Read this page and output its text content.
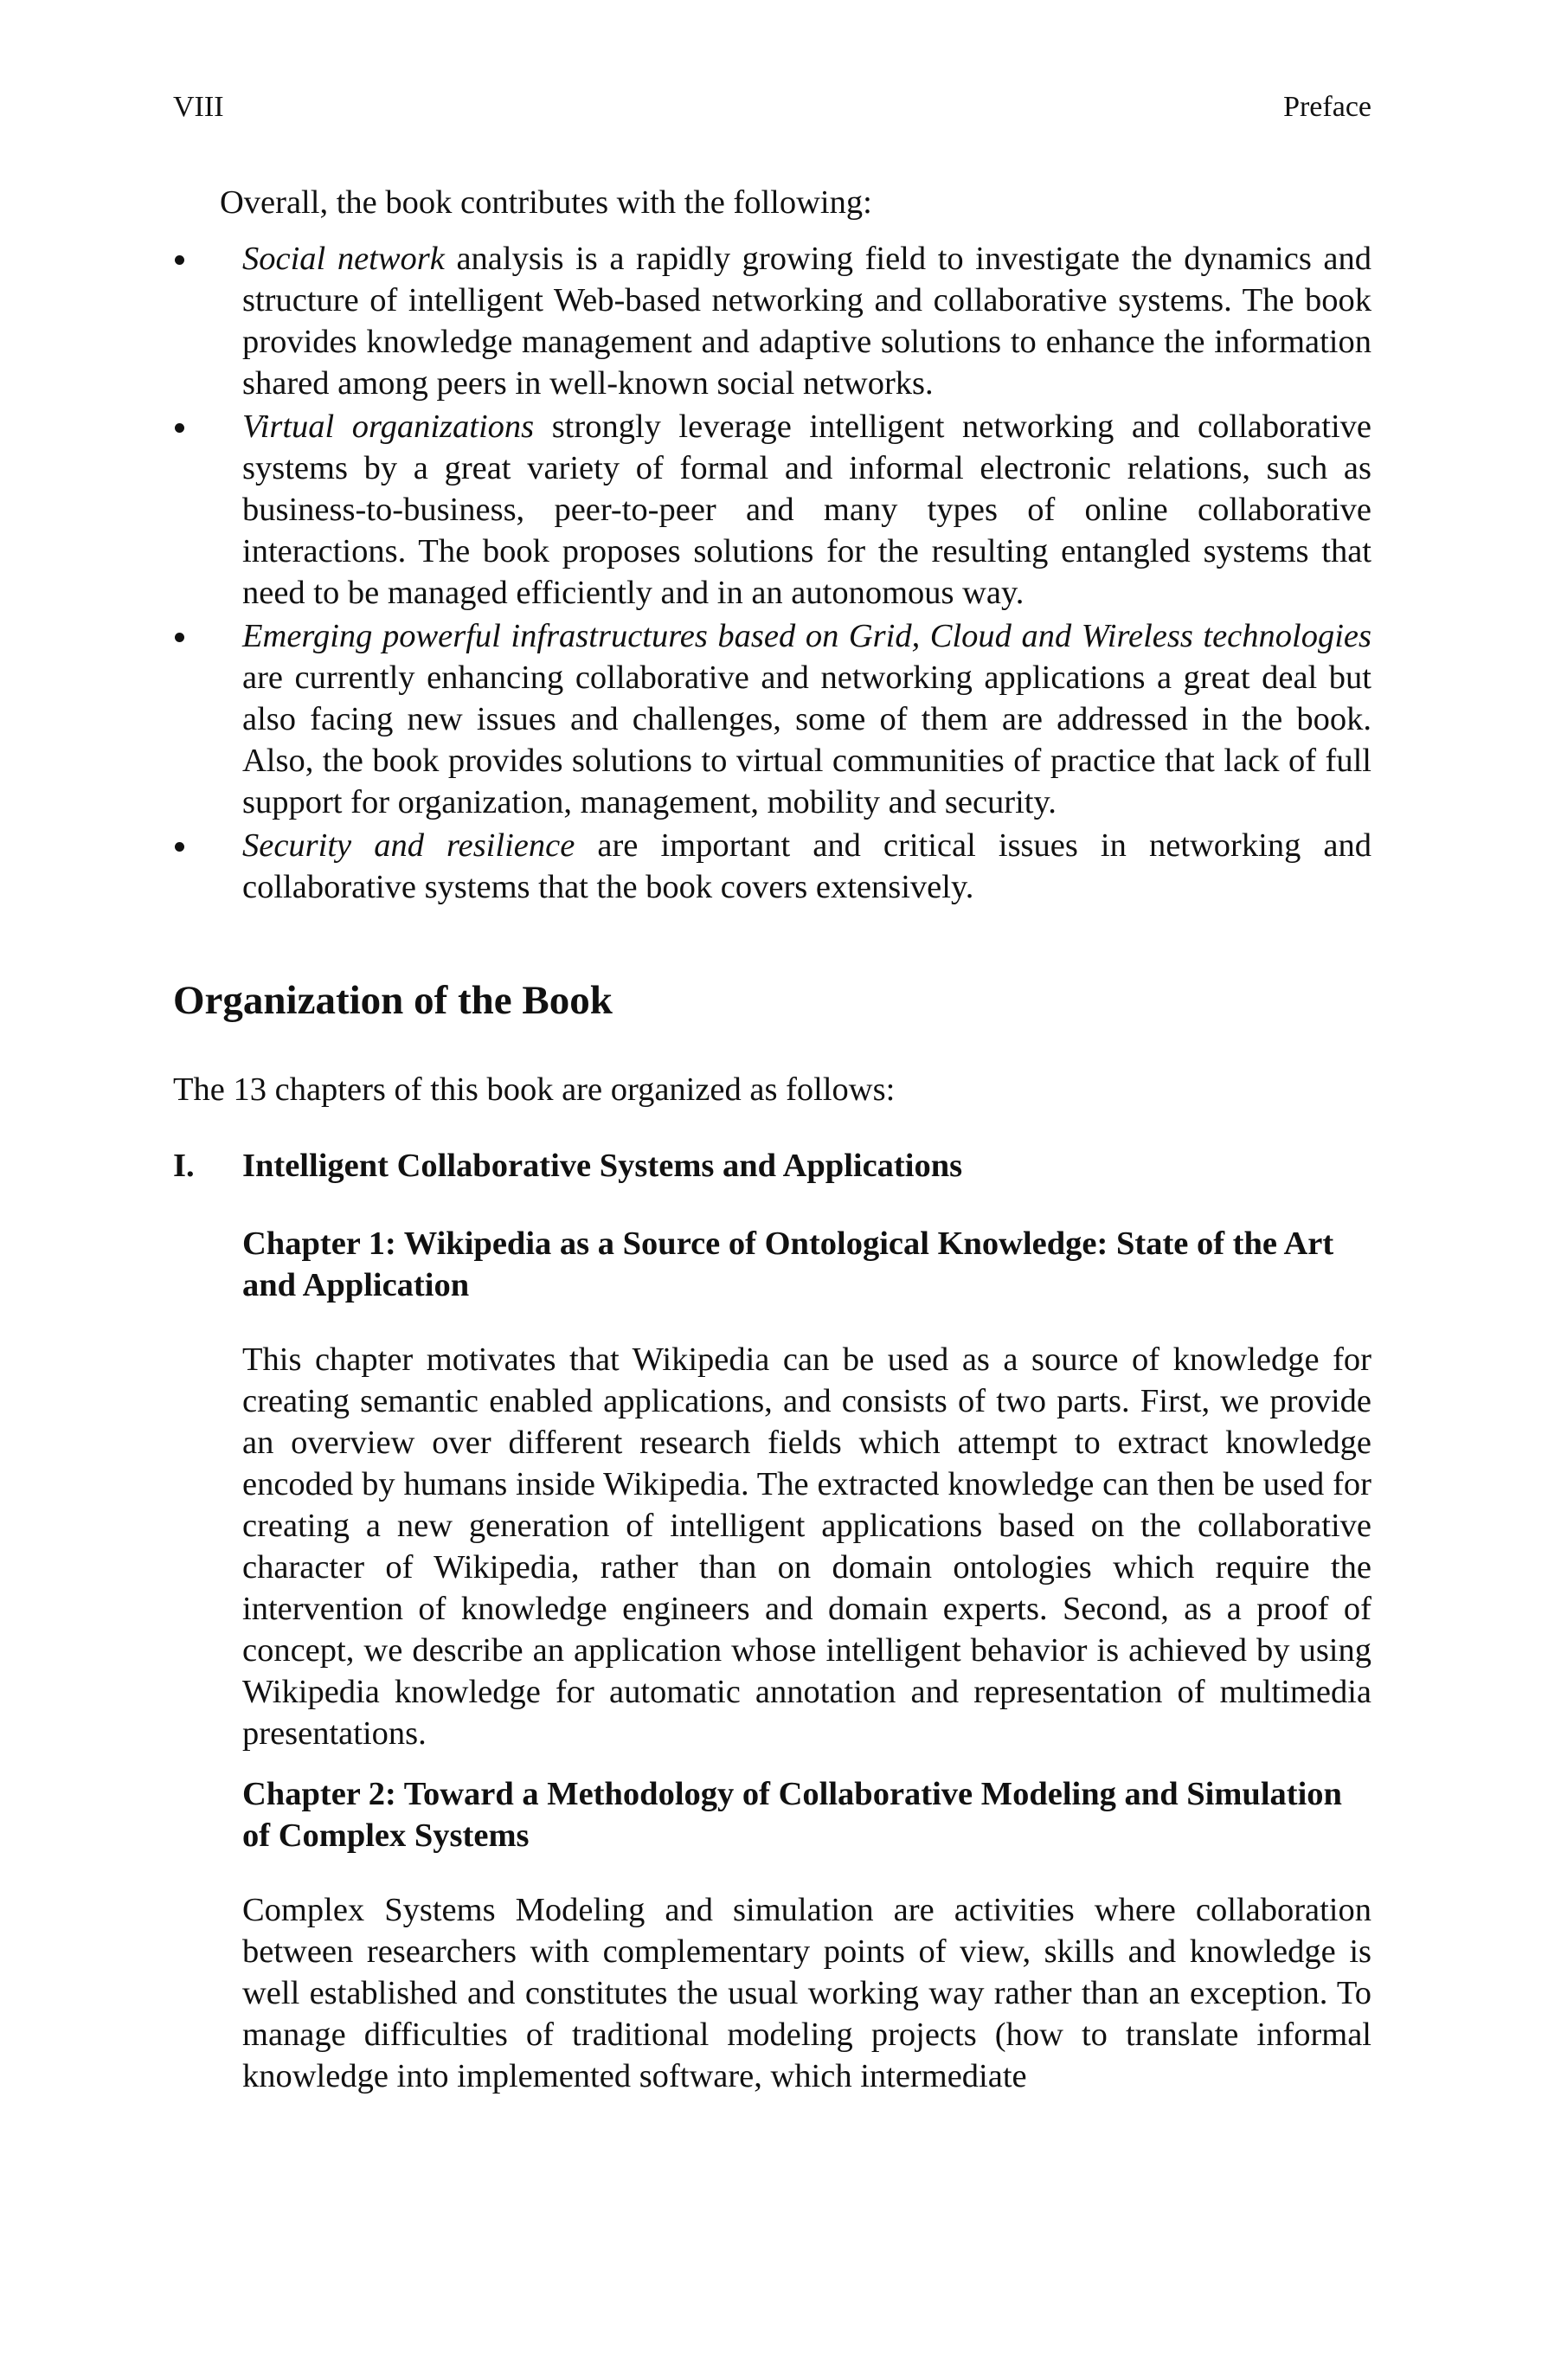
VIII	Preface

Overall, the book contributes with the following:

Social network analysis is a rapidly growing field to investigate the dynamics and structure of intelligent Web-based networking and collaborative systems. The book provides knowledge management and adaptive solutions to enhance the information shared among peers in well-known social networks.
Virtual organizations strongly leverage intelligent networking and collaborative systems by a great variety of formal and informal electronic relations, such as business-to-business, peer-to-peer and many types of online collaborative interactions. The book proposes solutions for the resulting entangled systems that need to be managed efficiently and in an autonomous way.
Emerging powerful infrastructures based on Grid, Cloud and Wireless technologies are currently enhancing collaborative and networking applications a great deal but also facing new issues and challenges, some of them are addressed in the book. Also, the book provides solutions to virtual communities of practice that lack of full support for organization, management, mobility and security.
Security and resilience are important and critical issues in networking and collaborative systems that the book covers extensively.
Organization of the Book

The 13 chapters of this book are organized as follows:

I. Intelligent Collaborative Systems and Applications
Chapter 1: Wikipedia as a Source of Ontological Knowledge: State of the Art and Application

This chapter motivates that Wikipedia can be used as a source of knowledge for creating semantic enabled applications, and consists of two parts. First, we provide an overview over different research fields which attempt to extract knowledge encoded by humans inside Wikipedia. The extracted knowledge can then be used for creating a new generation of intelligent applications based on the collaborative character of Wikipedia, rather than on domain ontologies which require the intervention of knowledge engineers and domain experts. Second, as a proof of concept, we describe an application whose intelligent behavior is achieved by using Wikipedia knowledge for automatic annotation and representation of multimedia presentations.

Chapter 2: Toward a Methodology of Collaborative Modeling and Simulation of Complex Systems

Complex Systems Modeling and simulation are activities where collaboration between researchers with complementary points of view, skills and knowledge is well established and constitutes the usual working way rather than an exception. To manage difficulties of traditional modeling projects (how to translate informal knowledge into implemented software, which intermediate
